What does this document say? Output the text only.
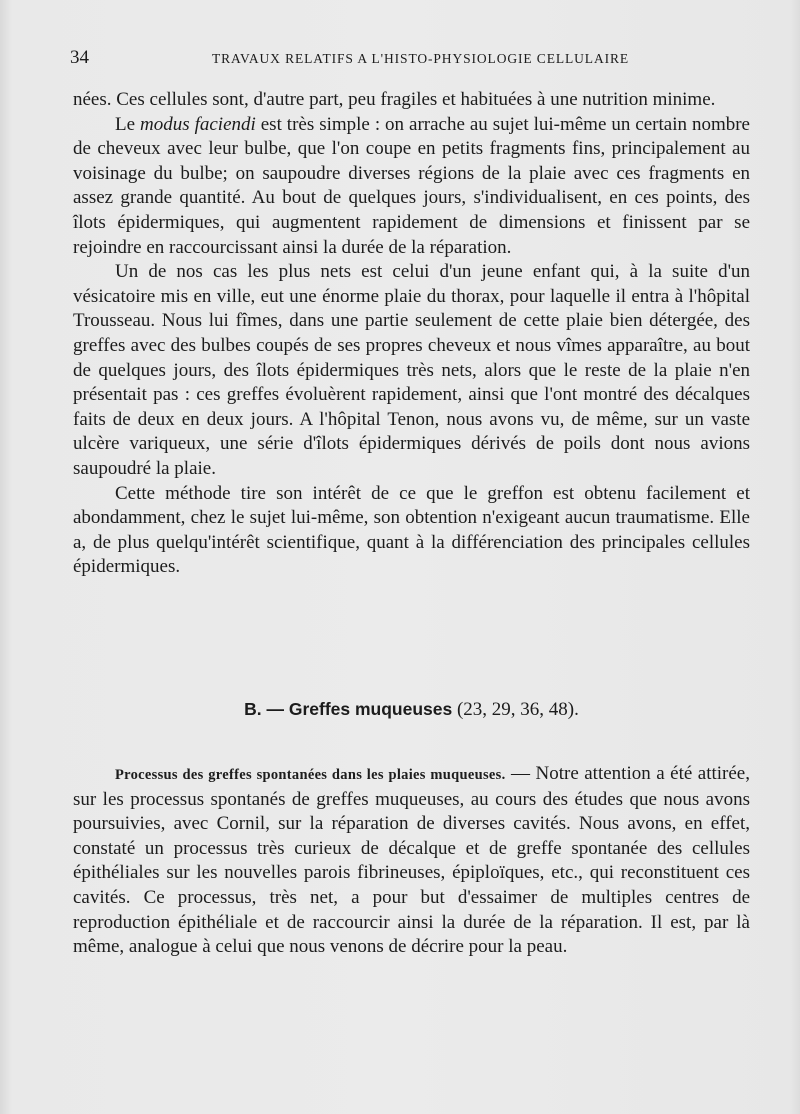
34	TRAVAUX RELATIFS A L'HISTO-PHYSIOLOGIE CELLULAIRE

nées. Ces cellules sont, d'autre part, peu fragiles et habituées à une nutrition minime.

Le modus faciendi est très simple : on arrache au sujet lui-même un certain nombre de cheveux avec leur bulbe, que l'on coupe en petits fragments fins, principalement au voisinage du bulbe; on saupoudre diverses régions de la plaie avec ces fragments en assez grande quantité. Au bout de quelques jours, s'individualisent, en ces points, des îlots épidermiques, qui augmentent rapidement de dimensions et finissent par se rejoindre en raccourcissant ainsi la durée de la réparation.

Un de nos cas les plus nets est celui d'un jeune enfant qui, à la suite d'un vésicatoire mis en ville, eut une énorme plaie du thorax, pour laquelle il entra à l'hôpital Trousseau. Nous lui fîmes, dans une partie seulement de cette plaie bien détergée, des greffes avec des bulbes coupés de ses propres cheveux et nous vîmes apparaître, au bout de quelques jours, des îlots épidermiques très nets, alors que le reste de la plaie n'en présentait pas : ces greffes évoluèrent rapidement, ainsi que l'ont montré des décalques faits de deux en deux jours. A l'hôpital Tenon, nous avons vu, de même, sur un vaste ulcère variqueux, une série d'îlots épidermiques dérivés de poils dont nous avions saupoudré la plaie.

Cette méthode tire son intérêt de ce que le greffon est obtenu facilement et abondamment, chez le sujet lui-même, son obtention n'exigeant aucun traumatisme. Elle a, de plus quelqu'intérêt scientifique, quant à la différenciation des principales cellules épidermiques.

B. — Greffes muqueuses (23, 29, 36, 48).

Processus des greffes spontanées dans les plaies muqueuses. — Notre attention a été attirée, sur les processus spontanés de greffes muqueuses, au cours des études que nous avons poursuivies, avec Cornil, sur la réparation de diverses cavités. Nous avons, en effet, constaté un processus très curieux de décalque et de greffe spontanée des cellules épithéliales sur les nouvelles parois fibrineuses, épiploïques, etc., qui reconstituent ces cavités. Ce processus, très net, a pour but d'essaimer de multiples centres de reproduction épithéliale et de raccourcir ainsi la durée de la réparation. Il est, par là même, analogue à celui que nous venons de décrire pour la peau.
